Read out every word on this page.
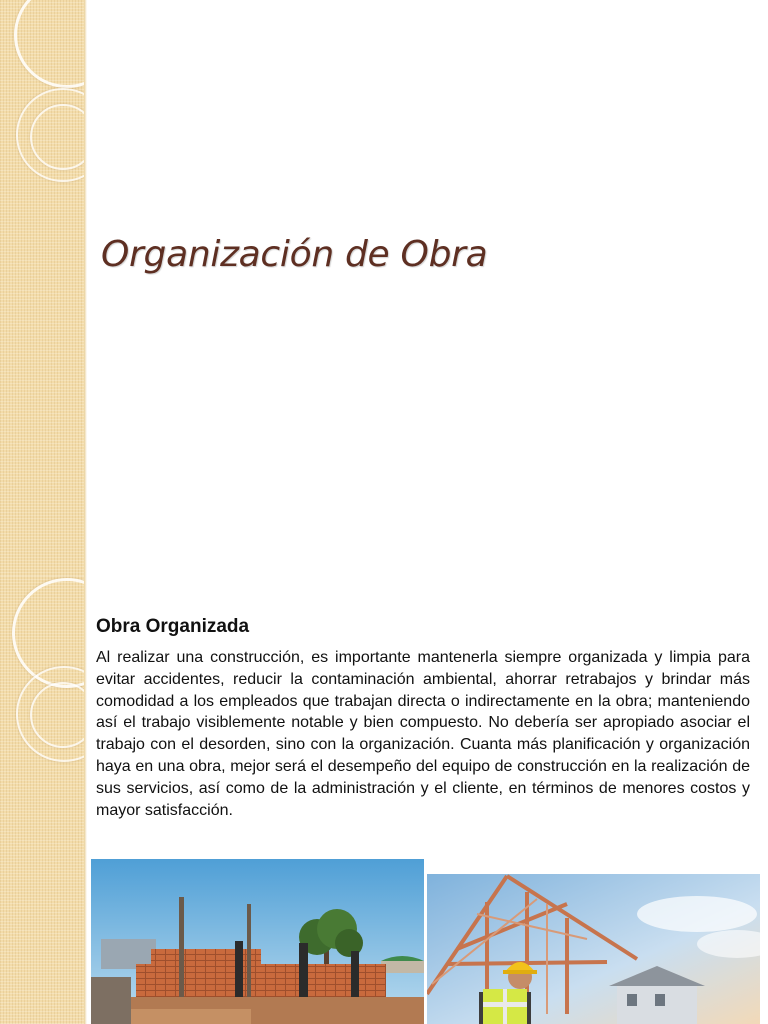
Organización de Obra
Obra Organizada

Al realizar una construcción, es importante mantenerla siempre organizada y limpia para evitar accidentes, reducir la contaminación ambiental, ahorrar retrabajos y brindar más comodidad a los empleados que trabajan directa o indirectamente en la obra; manteniendo así el trabajo visiblemente notable y bien compuesto. No debería ser apropiado asociar el trabajo con el desorden, sino con la organización. Cuanta más planificación y organización haya en una obra, mejor será el desempeño del equipo de construcción en la realización de sus servicios, así como de la administración y el cliente, en términos de menores costos y mayor satisfacción.
